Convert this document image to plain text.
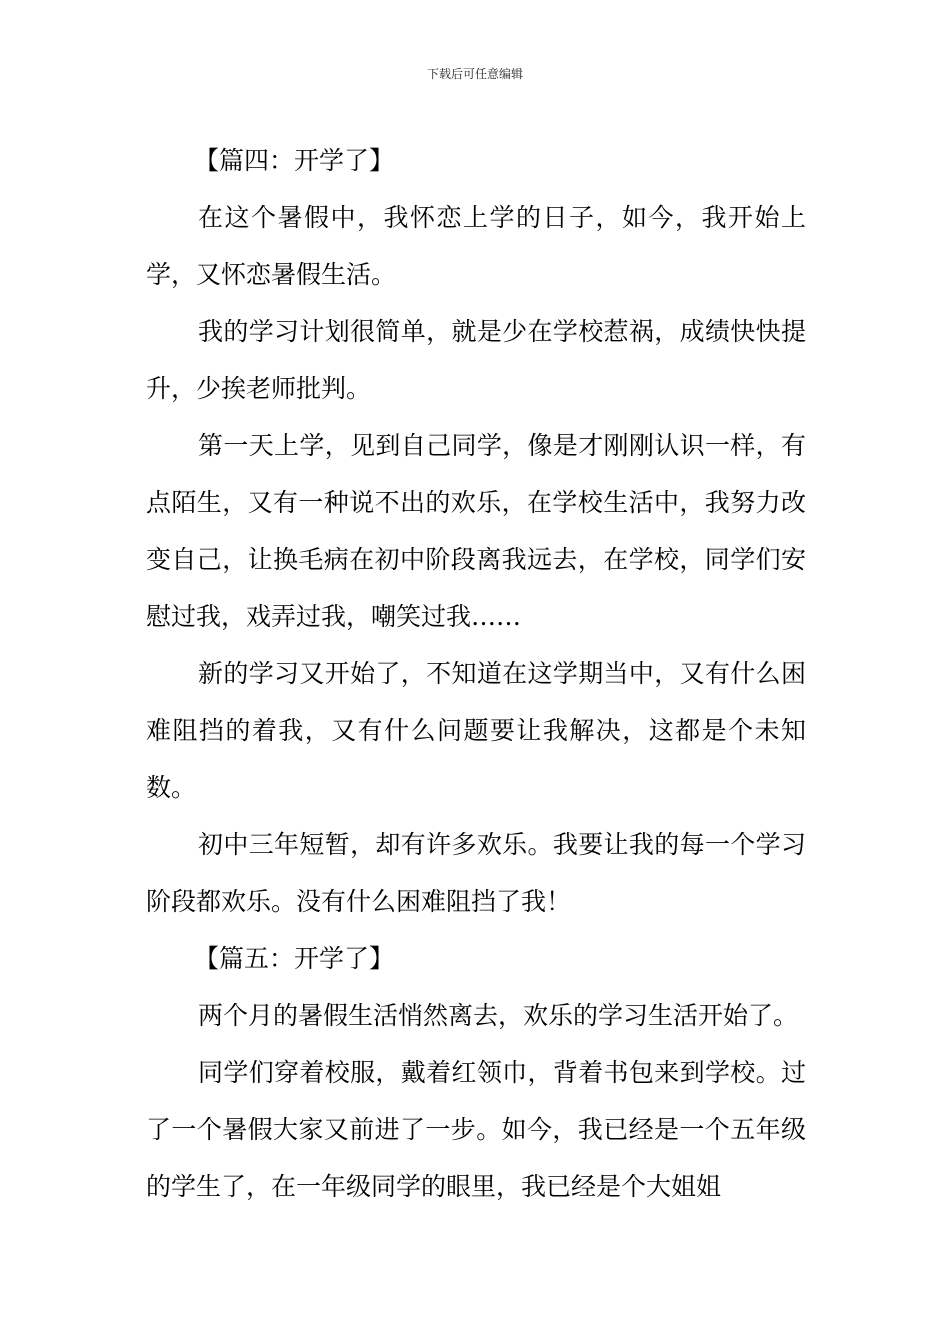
下载后可任意编辑

【篇四：开学了】

在这个暑假中，我怀恋上学的日子，如今，我开始上学，又怀恋暑假生活。

我的学习计划很简单，就是少在学校惹祸，成绩快快提升，少挨老师批判。

第一天上学，见到自己同学，像是才刚刚认识一样，有点陌生，又有一种说不出的欢乐，在学校生活中，我努力改变自己，让换毛病在初中阶段离我远去，在学校，同学们安慰过我，戏弄过我，嘲笑过我……

新的学习又开始了，不知道在这学期当中，又有什么困难阻挡的着我，又有什么问题要让我解决，这都是个未知数。

初中三年短暂，却有许多欢乐。我要让我的每一个学习阶段都欢乐。没有什么困难阻挡了我！

【篇五：开学了】

两个月的暑假生活悄然离去，欢乐的学习生活开始了。

同学们穿着校服，戴着红领巾，背着书包来到学校。过了一个暑假大家又前进了一步。如今，我已经是一个五年级的学生了，在一年级同学的眼里，我已经是个大姐姐
